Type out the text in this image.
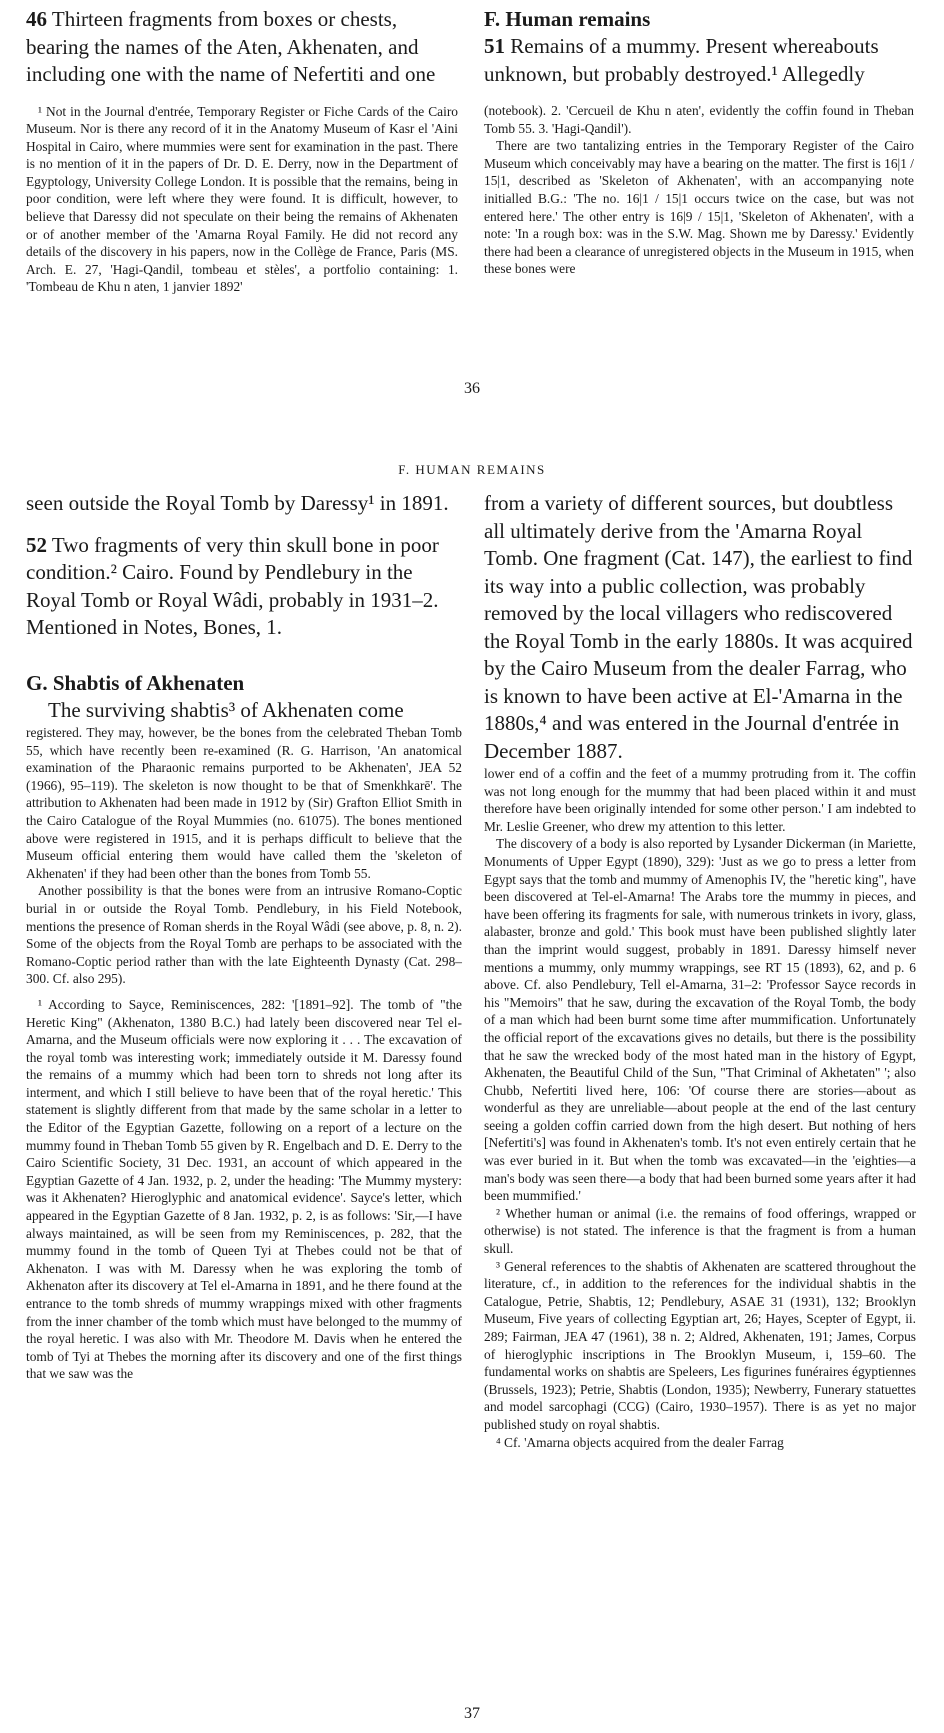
46 Thirteen fragments from boxes or chests, bearing the names of the Aten, Akhenaten, and including one with the name of Nefertiti and one

¹ Not in the Journal d'entrée, Temporary Register or Fiche Cards of the Cairo Museum. Nor is there any record of it in the Anatomy Museum of Kasr el 'Aini Hospital in Cairo, where mummies were sent for examination in the past. There is no mention of it in the papers of Dr. D. E. Derry, now in the Department of Egyptology, University College London. It is possible that the remains, being in poor condition, were left where they were found. It is difficult, however, to believe that Daressy did not speculate on their being the remains of Akhenaten or of another member of the 'Amarna Royal Family. He did not record any details of the discovery in his papers, now in the Collège de France, Paris (MS. Arch. E. 27, 'Hagi-Qandil, tombeau et stèles', a portfolio containing: 1. 'Tombeau de Khu n aten, 1 janvier 1892'

F. Human remains

51 Remains of a mummy. Present whereabouts unknown, but probably destroyed.¹ Allegedly

(notebook). 2. 'Cercueil de Khu n aten', evidently the coffin found in Theban Tomb 55. 3. 'Hagi-Qandil').

There are two tantalizing entries in the Temporary Register of the Cairo Museum which conceivably may have a bearing on the matter. The first is 16|1 / 15|1, described as 'Skeleton of Akhenaten', with an accompanying note initialled B.G.: 'The no. 16|1 / 15|1 occurs twice on the case, but was not entered here.' The other entry is 16|9 / 15|1, 'Skeleton of Akhenaten', with a note: 'In a rough box: was in the S.W. Mag. Shown me by Daressy.' Evidently there had been a clearance of unregistered objects in the Museum in 1915, when these bones were

36
F. HUMAN REMAINS

seen outside the Royal Tomb by Daressy¹ in 1891.

52 Two fragments of very thin skull bone in poor condition.² Cairo. Found by Pendlebury in the Royal Tomb or Royal Wâdi, probably in 1931–2. Mentioned in Notes, Bones, 1.

G. Shabtis of Akhenaten

The surviving shabtis³ of Akhenaten come

registered. They may, however, be the bones from the celebrated Theban Tomb 55, which have recently been re-examined (R. G. Harrison, 'An anatomical examination of the Pharaonic remains purported to be Akhenaten', JEA 52 (1966), 95–119). The skeleton is now thought to be that of Smenkhkarē'. The attribution to Akhenaten had been made in 1912 by (Sir) Grafton Elliot Smith in the Cairo Catalogue of the Royal Mummies (no. 61075). The bones mentioned above were registered in 1915, and it is perhaps difficult to believe that the Museum official entering them would have called them the 'skeleton of Akhenaten' if they had been other than the bones from Tomb 55.

Another possibility is that the bones were from an intrusive Romano-Coptic burial in or outside the Royal Tomb. Pendlebury, in his Field Notebook, mentions the presence of Roman sherds in the Royal Wâdi (see above, p. 8, n. 2). Some of the objects from the Royal Tomb are perhaps to be associated with the Romano-Coptic period rather than with the late Eighteenth Dynasty (Cat. 298–300. Cf. also 295).

¹ According to Sayce, Reminiscences, 282: '[1891–92]. The tomb of "the Heretic King" (Akhenaton, 1380 B.C.) had lately been discovered near Tel el-Amarna, and the Museum officials were now exploring it . . . The excavation of the royal tomb was interesting work; immediately outside it M. Daressy found the remains of a mummy which had been torn to shreds not long after its interment, and which I still believe to have been that of the royal heretic.' This statement is slightly different from that made by the same scholar in a letter to the Editor of the Egyptian Gazette, following on a report of a lecture on the mummy found in Theban Tomb 55 given by R. Engelbach and D. E. Derry to the Cairo Scientific Society, 31 Dec. 1931, an account of which appeared in the Egyptian Gazette of 4 Jan. 1932, p. 2, under the heading: 'The Mummy mystery: was it Akhenaten? Hieroglyphic and anatomical evidence'. Sayce's letter, which appeared in the Egyptian Gazette of 8 Jan. 1932, p. 2, is as follows: 'Sir,—I have always maintained, as will be seen from my Reminiscences, p. 282, that the mummy found in the tomb of Queen Tyi at Thebes could not be that of Akhenaton. I was with M. Daressy when he was exploring the tomb of Akhenaton after its discovery at Tel el-Amarna in 1891, and he there found at the entrance to the tomb shreds of mummy wrappings mixed with other fragments from the inner chamber of the tomb which must have belonged to the mummy of the royal heretic. I was also with Mr. Theodore M. Davis when he entered the tomb of Tyi at Thebes the morning after its discovery and one of the first things that we saw was the

from a variety of different sources, but doubtless all ultimately derive from the 'Amarna Royal Tomb. One fragment (Cat. 147), the earliest to find its way into a public collection, was probably removed by the local villagers who rediscovered the Royal Tomb in the early 1880s. It was acquired by the Cairo Museum from the dealer Farrag, who is known to have been active at El-'Amarna in the 1880s,⁴ and was entered in the Journal d'entrée in December 1887.

lower end of a coffin and the feet of a mummy protruding from it. The coffin was not long enough for the mummy that had been placed within it and must therefore have been originally intended for some other person.' I am indebted to Mr. Leslie Greener, who drew my attention to this letter.

The discovery of a body is also reported by Lysander Dickerman (in Mariette, Monuments of Upper Egypt (1890), 329): 'Just as we go to press a letter from Egypt says that the tomb and mummy of Amenophis IV, the "heretic king", have been discovered at Tel-el-Amarna! The Arabs tore the mummy in pieces, and have been offering its fragments for sale, with numerous trinkets in ivory, glass, alabaster, bronze and gold.' This book must have been published slightly later than the imprint would suggest, probably in 1891. Daressy himself never mentions a mummy, only mummy wrappings, see RT 15 (1893), 62, and p. 6 above. Cf. also Pendlebury, Tell el-Amarna, 31–2: 'Professor Sayce records in his "Memoirs" that he saw, during the excavation of the Royal Tomb, the body of a man which had been burnt some time after mummification. Unfortunately the official report of the excavations gives no details, but there is the possibility that he saw the wrecked body of the most hated man in the history of Egypt, Akhenaten, the Beautiful Child of the Sun, "That Criminal of Akhetaten" '; also Chubb, Nefertiti lived here, 106: 'Of course there are stories—about as wonderful as they are unreliable—about people at the end of the last century seeing a golden coffin carried down from the high desert. But nothing of hers [Nefertiti's] was found in Akhenaten's tomb. It's not even entirely certain that he was ever buried in it. But when the tomb was excavated—in the 'eighties—a man's body was seen there—a body that had been burned some years after it had been mummified.'

² Whether human or animal (i.e. the remains of food offerings, wrapped or otherwise) is not stated. The inference is that the fragment is from a human skull.

³ General references to the shabtis of Akhenaten are scattered throughout the literature, cf., in addition to the references for the individual shabtis in the Catalogue, Petrie, Shabtis, 12; Pendlebury, ASAE 31 (1931), 132; Brooklyn Museum, Five years of collecting Egyptian art, 26; Hayes, Scepter of Egypt, ii. 289; Fairman, JEA 47 (1961), 38 n. 2; Aldred, Akhenaten, 191; James, Corpus of hieroglyphic inscriptions in The Brooklyn Museum, i, 159–60. The fundamental works on shabtis are Speleers, Les figurines funéraires égyptiennes (Brussels, 1923); Petrie, Shabtis (London, 1935); Newberry, Funerary statuettes and model sarcophagi (CCG) (Cairo, 1930–1957). There is as yet no major published study on royal shabtis.

⁴ Cf. 'Amarna objects acquired from the dealer Farrag

37
